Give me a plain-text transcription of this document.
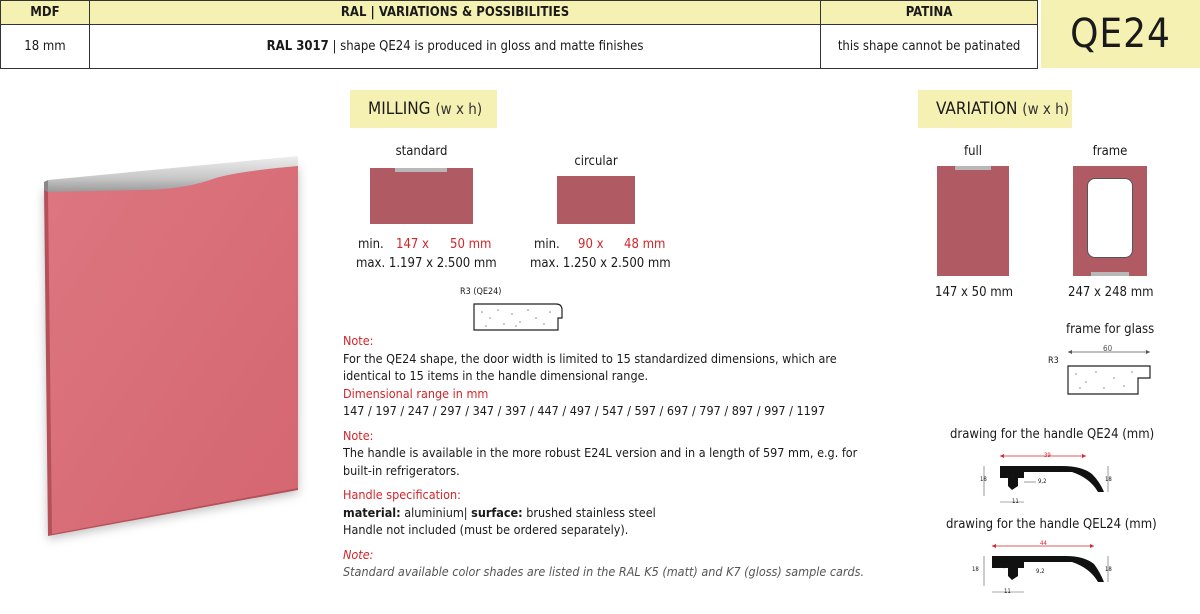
MDF	RAL | VARIATIONS & POSSIBILITIES	PATINA
18 mm	RAL 3017 | shape QE24 is produced in gloss and matte finishes	this shape cannot be patinated	QE24
MILLING (w x h)
standard
circular
min. 147 x 50 mm
max. 1.197 x 2.500 mm
min. 90 x 48 mm
max. 1.250 x 2.500 mm
R3 (QE24)
Note:
For the QE24 shape, the door width is limited to 15 standardized dimensions, which are identical to 15 items in the handle dimensional range.
Dimensional range in mm
147 / 197 / 247 / 297 / 347 / 397 / 447 / 497 / 547 / 597 / 697 / 797 / 897 / 997 / 1197
Note:
The handle is available in the more robust E24L version and in a length of 597 mm, e.g. for built-in refrigerators.
Handle specification:
material: aluminium| surface: brushed stainless steel
Handle not included (must be ordered separately).
Note:
Standard available color shades are listed in the RAL K5 (matt) and K7 (gloss) sample cards.
VARIATION (w x h)
full	frame
147 x 50 mm	247 x 248 mm
frame for glass
R3
60
drawing for the handle QE24 (mm)
39
18	1,5
9,2
11
18
drawing for the handle QEL24 (mm)
44
18	1,5
9,2
11
18
